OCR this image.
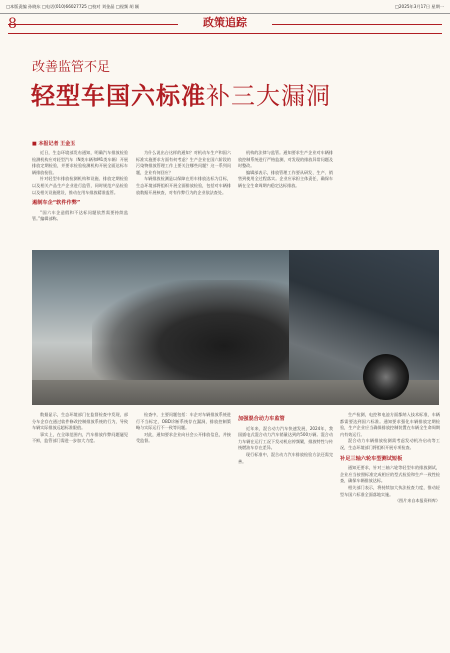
□本版责编 孙晓东 □电话(010)66027725 □校对 刘金晶 □视频 胡 颖	□2025年3月17日 星期一
8	政策追踪
改善监管不足
轻型车国六标准补三大漏洞
■ 本报记者 王金玉

近日，生态环境部发布通知，明确汽车排放检验检测机构应对轻型汽车（N类车辆和M1类车辆）开展排放定期检验，并要求检验检测机构开展全面达标车辆排放检验。

针对轻型车排放检测机构和设施、排放定期检验以及相关产品生产企业进行监管，同时规范产品检验以及相关设施建设，推动在用车排放精准监管。

遏制车企“软件作弊”

“国六车企造假和不达标问题依然需要持续监管。”编辑部称。

为什么说出台这样的通知？对机动车生产和国六标准实施要求方面有何考虑？生产企业在国六阶段的污染物排放管理工作上要关注哪些问题？这一系列问题，企业有何回应？

车辆排放检测是以保障在用车排放达标为目标，生态环境部将组织开展全面排放检验，包括对车辆排放数据开展核查，对有作弊行为的企业依法查处。

机构的法律与监管。通知要求生产企业对车辆排放控制系统进行严格监测，对发现的排放异常问题及时整改。

编辑部表示，排放管理工作要从研发、生产、销售到使用全过程落实。企业应承担主体责任，确保车辆在全生命周期内稳定达标排放。

数据显示，生态环境部门在监督检查中发现，部分车企存在通过软件修改控制排放系统的行为，导致车辆实际排放远超标准限值。

事实上，在全球范围内，汽车排放作弊问题屡见不鲜，监管部门需进一步加大力度。

检查中，主要问题包括：车企对车辆排放系统进行不当标定，OBD诊断系统存在漏洞，排放控制策略与实际运行不一致等问题。

对此，通知要求企业向社会公开排放信息，并接受监督。

加强混合动力车监管

近年来，混合动力汽车快速发展，2024年，我国插电式混合动力汽车销量达到约500万辆。混合动力车辆在运行工况下发动机启停频繁，排放特性与传统燃油车存在差异。

现行标准中，混合动力汽车排放检验方法还需完善。

生产检测，电控和电池方面都纳入技术标准，车辆都需要达到国六标准。通知要求强化车辆排放定期检验，生产企业应当确保排放控制装置在车辆全生命周期内有效运行。

混合动力车辆排放检测需考虑发动机冷启动等工况，生态环境部门将组织开展专项检查。

补足三轴六轮车型测试短板

通知还要求，针对三轴六轮等轻型车的排放测试，企业应当按照标准完成相应的型式检验和生产一致性检查，确保车辆排放达标。

相关部门表示，将持续加大执法检查力度，推动轻型车国六标准全面落地实施。

（图片来自本报资料库）
